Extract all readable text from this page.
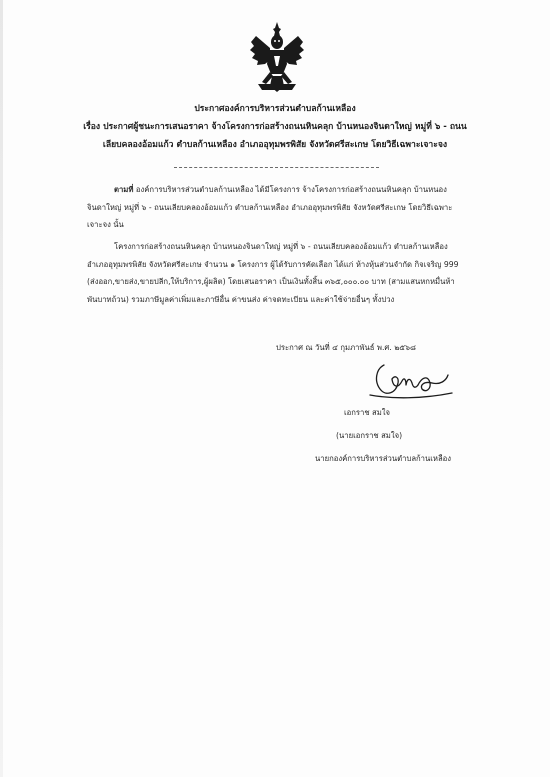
ประกาศองค์การบริหารส่วนตำบลก้านเหลือง
เรื่อง ประกาศผู้ชนะการเสนอราคา จ้างโครงการก่อสร้างถนนหินคลุก บ้านหนองจินดาใหญ่ หมู่ที่ ๖ - ถนน
เลียบคลองอ้อมแก้ว ตำบลก้านเหลือง อำเภออุทุมพรพิสัย จังหวัดศรีสะเกษ โดยวิธีเฉพาะเจาะจง
ตามที่ องค์การบริหารส่วนตำบลก้านเหลือง ได้มีโครงการ จ้างโครงการก่อสร้างถนนหินคลุก บ้านหนอง
จินดาใหญ่ หมู่ที่ ๖ - ถนนเลียบคลองอ้อมแก้ว ตำบลก้านเหลือง อำเภออุทุมพรพิสัย จังหวัดศรีสะเกษ โดยวิธีเฉพาะ
เจาะจง นั้น
โครงการก่อสร้างถนนหินคลุก บ้านหนองจินดาใหญ่ หมู่ที่ ๖ - ถนนเลียบคลองอ้อมแก้ว ตำบลก้านเหลือง
อำเภออุทุมพรพิสัย จังหวัดศรีสะเกษ จำนวน ๑ โครงการ ผู้ได้รับการคัดเลือก ได้แก่ ห้างหุ้นส่วนจำกัด กิจเจริญ 999
(ส่งออก,ขายส่ง,ขายปลีก,ให้บริการ,ผู้ผลิต) โดยเสนอราคา เป็นเงินทั้งสิ้น ๓๖๕,๐๐๐.๐๐ บาท (สามแสนหกหมื่นห้า
พันบาทถ้วน) รวมภาษีมูลค่าเพิ่มและภาษีอื่น ค่าขนส่ง ค่าจดทะเบียน และค่าใช้จ่ายอื่นๆ ทั้งปวง
ประกาศ ณ วันที่ ๔ กุมภาพันธ์ พ.ศ. ๒๕๖๘
เอกราช สมใจ
(นายเอกราช สมใจ)
นายกองค์การบริหารส่วนตำบลก้านเหลือง
